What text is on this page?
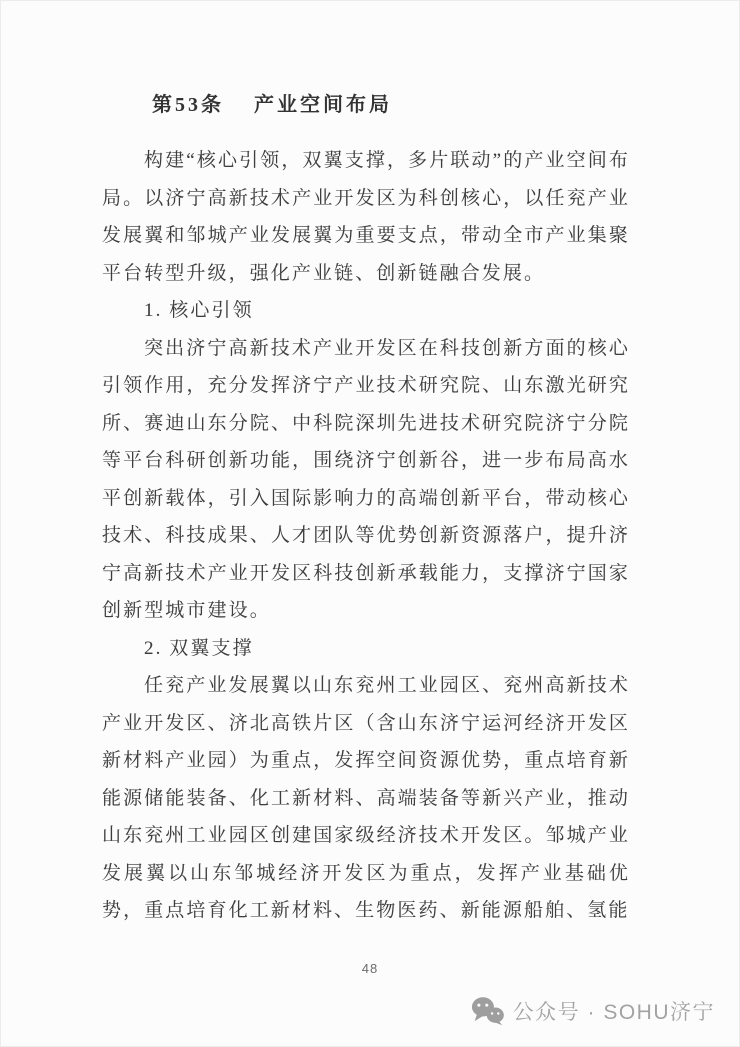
第53条 产业空间布局

构建“核心引领，双翼支撑，多片联动”的产业空间布局。以济宁高新技术产业开发区为科创核心，以任兖产业发展翼和邹城产业发展翼为重要支点，带动全市产业集聚平台转型升级，强化产业链、创新链融合发展。

1. 核心引领

突出济宁高新技术产业开发区在科技创新方面的核心引领作用，充分发挥济宁产业技术研究院、山东激光研究所、赛迪山东分院、中科院深圳先进技术研究院济宁分院等平台科研创新功能，围绕济宁创新谷，进一步布局高水平创新载体，引入国际影响力的高端创新平台，带动核心技术、科技成果、人才团队等优势创新资源落户，提升济宁高新技术产业开发区科技创新承载能力，支撑济宁国家创新型城市建设。

2. 双翼支撑

任兖产业发展翼以山东兖州工业园区、兖州高新技术产业开发区、济北高铁片区（含山东济宁运河经济开发区新材料产业园）为重点，发挥空间资源优势，重点培育新能源储能装备、化工新材料、高端装备等新兴产业，推动山东兖州工业园区创建国家级经济技术开发区。邹城产业发展翼以山东邹城经济开发区为重点，发挥产业基础优势，重点培育化工新材料、生物医药、新能源船舶、氢能

48
公众号 · SOHU济宁
